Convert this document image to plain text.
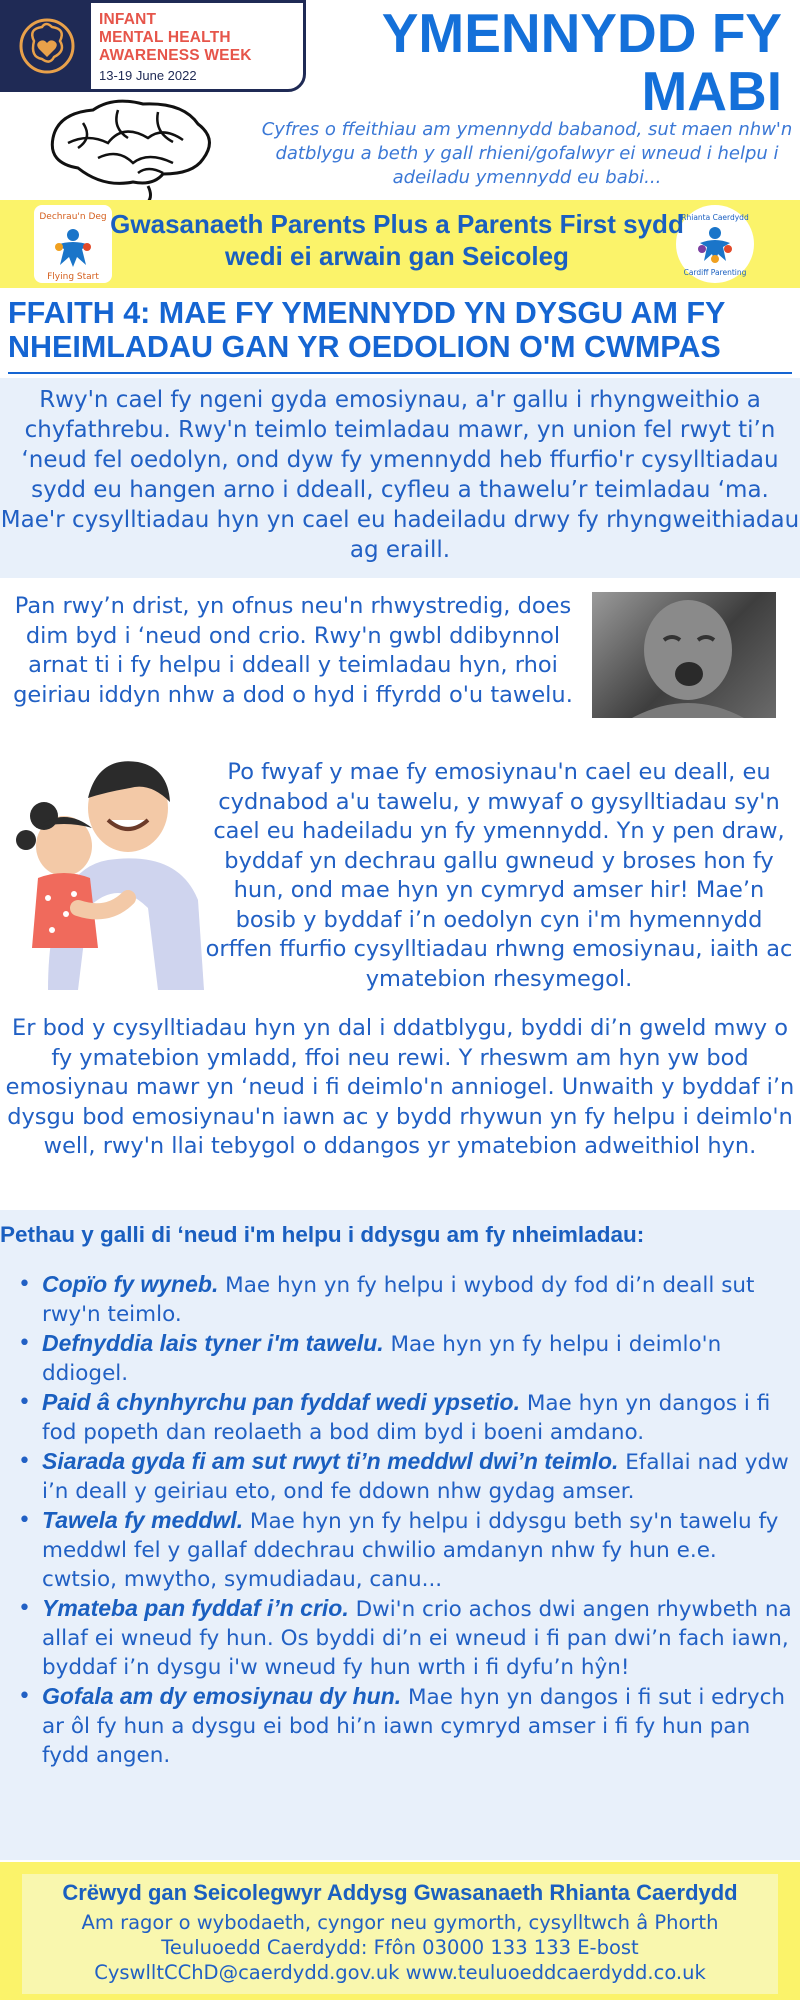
INFANT
MENTAL HEALTH
AWARENESS WEEK
13-19 June 2022
YMENNYDD FY MABI
Cyfres o ffeithiau am ymennydd babanod, sut maen nhw'n datblygu a beth y gall rhieni/gofalwyr ei wneud i helpu i adeiladu ymennydd eu babi...
Dechrau'n Deg
Flying Start
Rhianta Caerdydd
Cardiff Parenting
Gwasanaeth Parents Plus a Parents First sydd wedi ei arwain gan Seicoleg
FFAITH 4: MAE FY YMENNYDD YN DYSGU AM FY NHEIMLADAU GAN YR OEDOLION O'M CWMPAS
Rwy'n cael fy ngeni gyda emosiynau, a'r gallu i rhyngweithio a chyfathrebu. Rwy'n teimlo teimladau mawr, yn union fel rwyt ti’n ‘neud fel oedolyn, ond dyw fy ymennydd heb ffurfio'r cysylltiadau sydd eu hangen arno i ddeall, cyfleu a thawelu’r teimladau ‘ma. Mae'r cysylltiadau hyn yn cael eu hadeiladu drwy fy rhyngweithiadau ag eraill.
Pan rwy’n drist, yn ofnus neu'n rhwystredig, does dim byd i ‘neud ond crio. Rwy'n gwbl ddibynnol arnat ti i fy helpu i ddeall y teimladau hyn, rhoi geiriau iddyn nhw a dod o hyd i ffyrdd o'u tawelu.
Po fwyaf y mae fy emosiynau'n cael eu deall, eu cydnabod a'u tawelu, y mwyaf o gysylltiadau sy'n cael eu hadeiladu yn fy ymennydd. Yn y pen draw, byddaf yn dechrau gallu gwneud y broses hon fy hun, ond mae hyn yn cymryd amser hir! Mae’n bosib y byddaf i’n oedolyn cyn i'm hymennydd orffen ffurfio cysylltiadau rhwng emosiynau, iaith ac ymatebion rhesymegol.
Er bod y cysylltiadau hyn yn dal i ddatblygu, byddi di’n gweld mwy o fy ymatebion ymladd, ffoi neu rewi. Y rheswm am hyn yw bod emosiynau mawr yn ‘neud i fi deimlo'n anniogel. Unwaith y byddaf i’n dysgu bod emosiynau'n iawn ac y bydd rhywun yn fy helpu i deimlo'n well, rwy'n llai tebygol o ddangos yr ymatebion adweithiol hyn.
Pethau y galli di ‘neud i'm helpu i ddysgu am fy nheimladau:
• Copïo fy wyneb. Mae hyn yn fy helpu i wybod dy fod di’n deall sut rwy'n teimlo.
• Defnyddia lais tyner i'm tawelu. Mae hyn yn fy helpu i deimlo'n ddiogel.
• Paid â chynhyrchu pan fyddaf wedi ypsetio. Mae hyn yn dangos i fi fod popeth dan reolaeth a bod dim byd i boeni amdano.
• Siarada gyda fi am sut rwyt ti’n meddwl dwi’n teimlo. Efallai nad ydw i’n deall y geiriau eto, ond fe ddown nhw gydag amser.
• Tawela fy meddwl. Mae hyn yn fy helpu i ddysgu beth sy'n tawelu fy meddwl fel y gallaf ddechrau chwilio amdanyn nhw fy hun e.e. cwtsio, mwytho, symudiadau, canu...
• Ymateba pan fyddaf i’n crio. Dwi'n crio achos dwi angen rhywbeth na allaf ei wneud fy hun. Os byddi di’n ei wneud i fi pan dwi’n fach iawn, byddaf i’n dysgu i'w wneud fy hun wrth i fi dyfu’n hŷn!
• Gofala am dy emosiynau dy hun. Mae hyn yn dangos i fi sut i edrych ar ôl fy hun a dysgu ei bod hi’n iawn cymryd amser i fi fy hun pan fydd angen.
Crëwyd gan Seicolegwyr Addysg Gwasanaeth Rhianta Caerdydd
Am ragor o wybodaeth, cyngor neu gymorth, cysylltwch â Phorth
Teuluoedd Caerdydd: Ffôn 03000 133 133 E-bost
CyswlltCChD@caerdydd.gov.uk www.teuluoeddcaerdydd.co.uk
